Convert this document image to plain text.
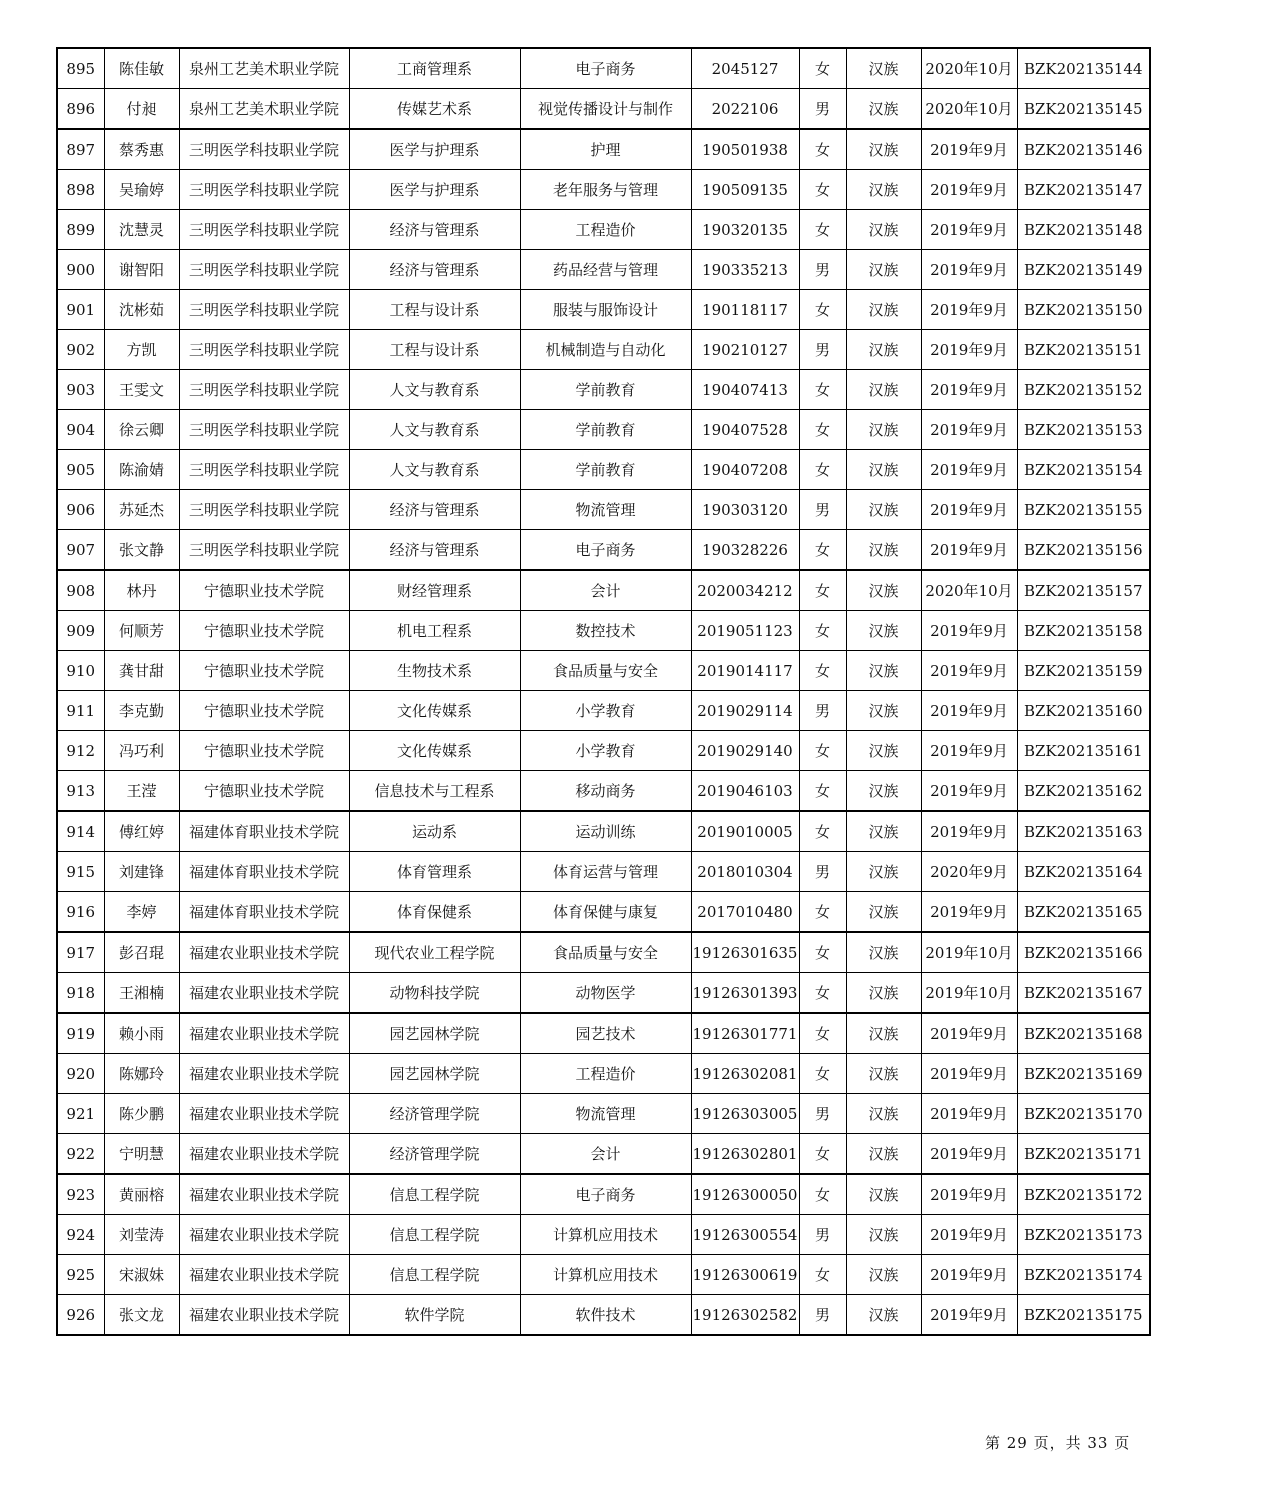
895	陈佳敏	泉州工艺美术职业学院	工商管理系	电子商务	2045127	女	汉族	2020年10月	BZK202135144
896	付昶	泉州工艺美术职业学院	传媒艺术系	视觉传播设计与制作	2022106	男	汉族	2020年10月	BZK202135145
897	蔡秀惠	三明医学科技职业学院	医学与护理系	护理	190501938	女	汉族	2019年9月	BZK202135146
898	吴瑜婷	三明医学科技职业学院	医学与护理系	老年服务与管理	190509135	女	汉族	2019年9月	BZK202135147
899	沈慧灵	三明医学科技职业学院	经济与管理系	工程造价	190320135	女	汉族	2019年9月	BZK202135148
900	谢智阳	三明医学科技职业学院	经济与管理系	药品经营与管理	190335213	男	汉族	2019年9月	BZK202135149
901	沈彬茹	三明医学科技职业学院	工程与设计系	服装与服饰设计	190118117	女	汉族	2019年9月	BZK202135150
902	方凯	三明医学科技职业学院	工程与设计系	机械制造与自动化	190210127	男	汉族	2019年9月	BZK202135151
903	王雯文	三明医学科技职业学院	人文与教育系	学前教育	190407413	女	汉族	2019年9月	BZK202135152
904	徐云卿	三明医学科技职业学院	人文与教育系	学前教育	190407528	女	汉族	2019年9月	BZK202135153
905	陈渝婧	三明医学科技职业学院	人文与教育系	学前教育	190407208	女	汉族	2019年9月	BZK202135154
906	苏延杰	三明医学科技职业学院	经济与管理系	物流管理	190303120	男	汉族	2019年9月	BZK202135155
907	张文静	三明医学科技职业学院	经济与管理系	电子商务	190328226	女	汉族	2019年9月	BZK202135156
908	林丹	宁德职业技术学院	财经管理系	会计	2020034212	女	汉族	2020年10月	BZK202135157
909	何顺芳	宁德职业技术学院	机电工程系	数控技术	2019051123	女	汉族	2019年9月	BZK202135158
910	龚甘甜	宁德职业技术学院	生物技术系	食品质量与安全	2019014117	女	汉族	2019年9月	BZK202135159
911	李克勤	宁德职业技术学院	文化传媒系	小学教育	2019029114	男	汉族	2019年9月	BZK202135160
912	冯巧利	宁德职业技术学院	文化传媒系	小学教育	2019029140	女	汉族	2019年9月	BZK202135161
913	王滢	宁德职业技术学院	信息技术与工程系	移动商务	2019046103	女	汉族	2019年9月	BZK202135162
914	傅红婷	福建体育职业技术学院	运动系	运动训练	2019010005	女	汉族	2019年9月	BZK202135163
915	刘建锋	福建体育职业技术学院	体育管理系	体育运营与管理	2018010304	男	汉族	2020年9月	BZK202135164
916	李婷	福建体育职业技术学院	体育保健系	体育保健与康复	2017010480	女	汉族	2019年9月	BZK202135165
917	彭召琨	福建农业职业技术学院	现代农业工程学院	食品质量与安全	19126301635	女	汉族	2019年10月	BZK202135166
918	王湘楠	福建农业职业技术学院	动物科技学院	动物医学	19126301393	女	汉族	2019年10月	BZK202135167
919	赖小雨	福建农业职业技术学院	园艺园林学院	园艺技术	19126301771	女	汉族	2019年9月	BZK202135168
920	陈娜玲	福建农业职业技术学院	园艺园林学院	工程造价	19126302081	女	汉族	2019年9月	BZK202135169
921	陈少鹏	福建农业职业技术学院	经济管理学院	物流管理	19126303005	男	汉族	2019年9月	BZK202135170
922	宁明慧	福建农业职业技术学院	经济管理学院	会计	19126302801	女	汉族	2019年9月	BZK202135171
923	黄丽榕	福建农业职业技术学院	信息工程学院	电子商务	19126300050	女	汉族	2019年9月	BZK202135172
924	刘莹涛	福建农业职业技术学院	信息工程学院	计算机应用技术	19126300554	男	汉族	2019年9月	BZK202135173
925	宋淑妹	福建农业职业技术学院	信息工程学院	计算机应用技术	19126300619	女	汉族	2019年9月	BZK202135174
926	张文龙	福建农业职业技术学院	软件学院	软件技术	19126302582	男	汉族	2019年9月	BZK202135175
第 29 页，共 33 页
